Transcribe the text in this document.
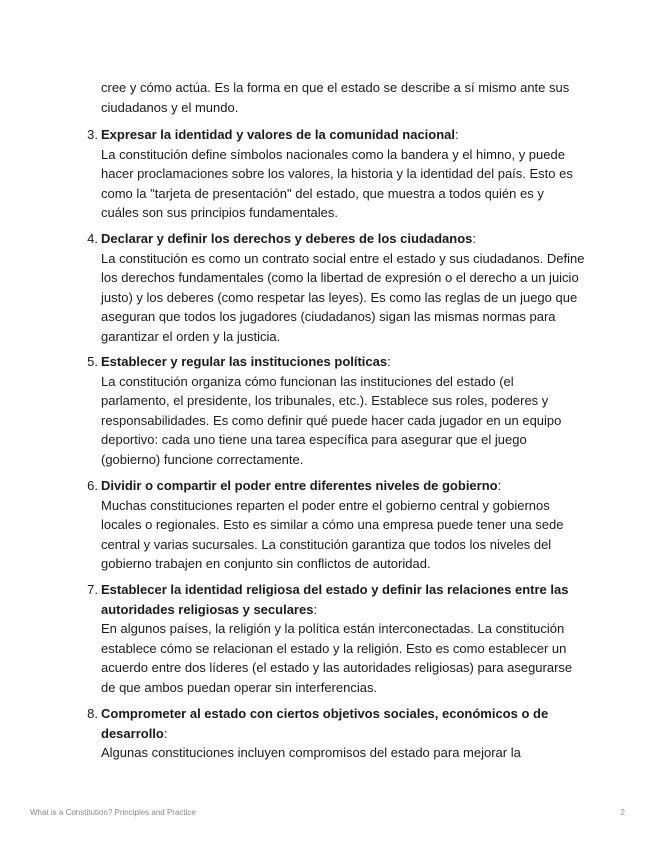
cree y cómo actúa. Es la forma en que el estado se describe a sí mismo ante sus ciudadanos y el mundo.

3. Expresar la identidad y valores de la comunidad nacional:
La constitución define símbolos nacionales como la bandera y el himno, y puede hacer proclamaciones sobre los valores, la historia y la identidad del país. Esto es como la "tarjeta de presentación" del estado, que muestra a todos quién es y cuáles son sus principios fundamentales.
4. Declarar y definir los derechos y deberes de los ciudadanos:
La constitución es como un contrato social entre el estado y sus ciudadanos. Define los derechos fundamentales (como la libertad de expresión o el derecho a un juicio justo) y los deberes (como respetar las leyes). Es como las reglas de un juego que aseguran que todos los jugadores (ciudadanos) sigan las mismas normas para garantizar el orden y la justicia.
5. Establecer y regular las instituciones políticas:
La constitución organiza cómo funcionan las instituciones del estado (el parlamento, el presidente, los tribunales, etc.). Establece sus roles, poderes y responsabilidades. Es como definir qué puede hacer cada jugador en un equipo deportivo: cada uno tiene una tarea específica para asegurar que el juego (gobierno) funcione correctamente.
6. Dividir o compartir el poder entre diferentes niveles de gobierno:
Muchas constituciones reparten el poder entre el gobierno central y gobiernos locales o regionales. Esto es similar a cómo una empresa puede tener una sede central y varias sucursales. La constitución garantiza que todos los niveles del gobierno trabajen en conjunto sin conflictos de autoridad.
7. Establecer la identidad religiosa del estado y definir las relaciones entre las autoridades religiosas y seculares:
En algunos países, la religión y la política están interconectadas. La constitución establece cómo se relacionan el estado y la religión. Esto es como establecer un acuerdo entre dos líderes (el estado y las autoridades religiosas) para asegurarse de que ambos puedan operar sin interferencias.
8. Comprometer al estado con ciertos objetivos sociales, económicos o de desarrollo:
Algunas constituciones incluyen compromisos del estado para mejorar la
What is a Constitution? Principles and Practice	2
